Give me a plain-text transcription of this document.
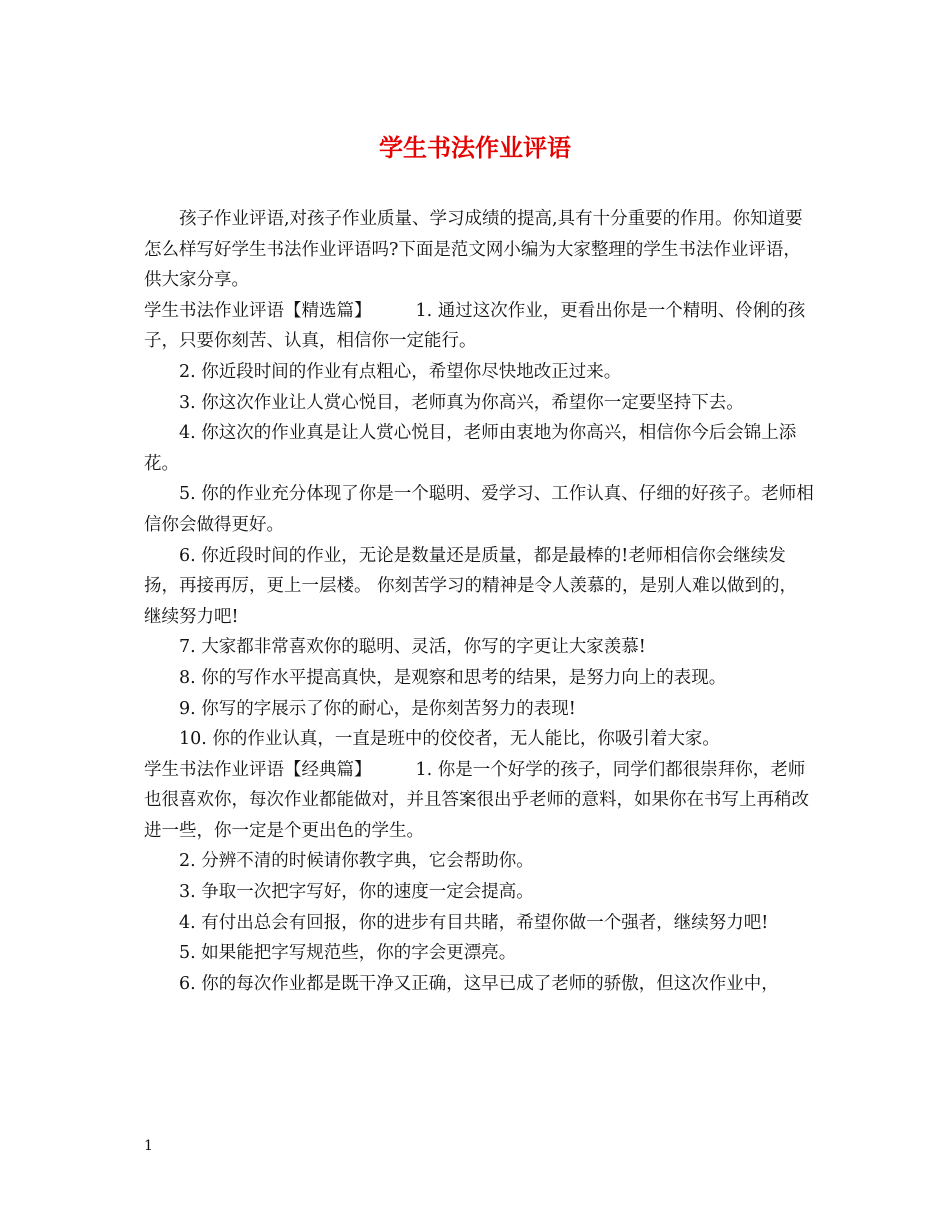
学生书法作业评语

孩子作业评语,对孩子作业质量、学习成绩的提高,具有十分重要的作用。你知道要怎么样写好学生书法作业评语吗?下面是范文网小编为大家整理的学生书法作业评语，供大家分享。

学生书法作业评语【精选篇】	1. 通过这次作业，更看出你是一个精明、伶俐的孩子，只要你刻苦、认真，相信你一定能行。

2. 你近段时间的作业有点粗心，希望你尽快地改正过来。

3. 你这次作业让人赏心悦目，老师真为你高兴，希望你一定要坚持下去。

4. 你这次的作业真是让人赏心悦目，老师由衷地为你高兴，相信你今后会锦上添花。

5. 你的作业充分体现了你是一个聪明、爱学习、工作认真、仔细的好孩子。老师相信你会做得更好。

6. 你近段时间的作业，无论是数量还是质量，都是最棒的!老师相信你会继续发扬，再接再厉，更上一层楼。 你刻苦学习的精神是令人羡慕的，是别人难以做到的，继续努力吧!

7. 大家都非常喜欢你的聪明、灵活，你写的字更让大家羡慕!

8. 你的写作水平提高真快，是观察和思考的结果，是努力向上的表现。

9. 你写的字展示了你的耐心，是你刻苦努力的表现!

10. 你的作业认真，一直是班中的佼佼者，无人能比，你吸引着大家。

学生书法作业评语【经典篇】	1. 你是一个好学的孩子，同学们都很崇拜你，老师也很喜欢你，每次作业都能做对，并且答案很出乎老师的意料，如果你在书写上再稍改进一些，你一定是个更出色的学生。

2. 分辨不清的时候请你教字典，它会帮助你。

3. 争取一次把字写好，你的速度一定会提高。

4. 有付出总会有回报，你的进步有目共睹，希望你做一个强者，继续努力吧!

5. 如果能把字写规范些，你的字会更漂亮。

6. 你的每次作业都是既干净又正确，这早已成了老师的骄傲，但这次作业中，

1
